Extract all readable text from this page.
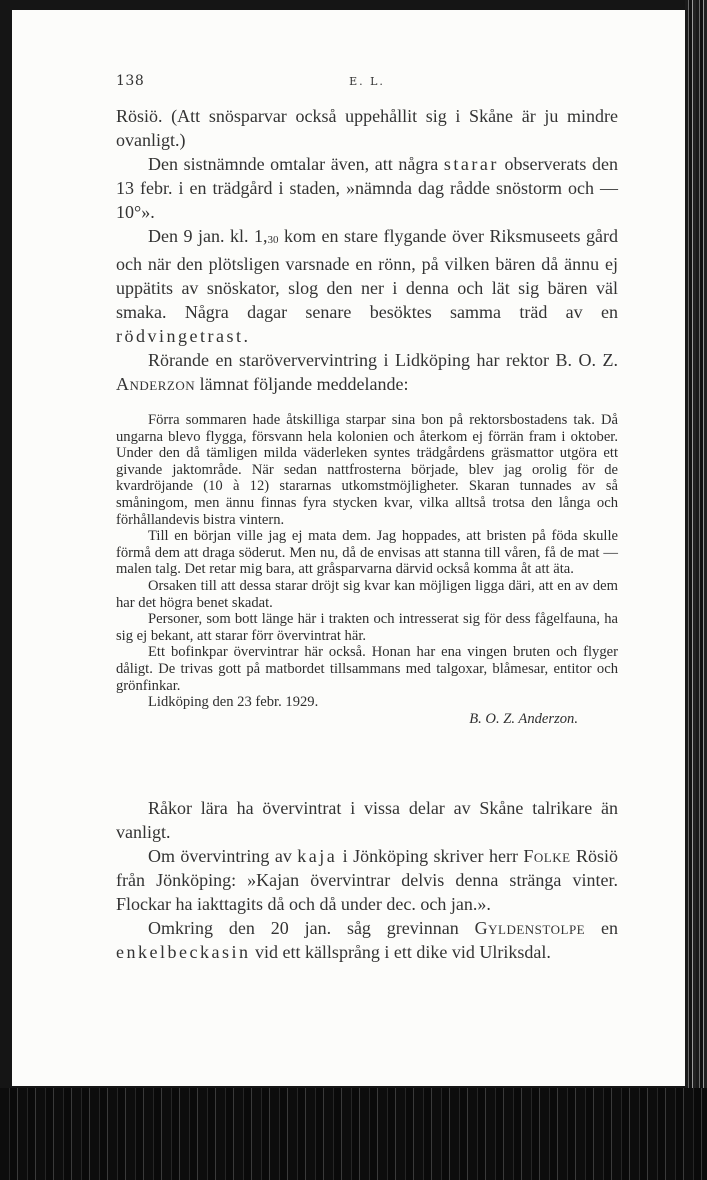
138	E. L.

Rösiö. (Att snösparvar också uppehållit sig i Skåne är ju mindre ovanligt.)

Den sistnämnde omtalar även, att några starar observerats den 13 febr. i en trädgård i staden, »nämnda dag rådde snöstorm och — 10°».

Den 9 jan. kl. 1,30 kom en stare flygande över Riksmuseets gård och när den plötsligen varsnade en rönn, på vilken bären då ännu ej uppätits av snöskator, slog den ner i denna och lät sig bären väl smaka. Några dagar senare besöktes samma träd av en rödvingetrast.

Rörande en staröververvintring i Lidköping har rektor B. O. Z. Anderzon lämnat följande meddelande:

Förra sommaren hade åtskilliga starpar sina bon på rektorsbostadens tak. Då ungarna blevo flygga, försvann hela kolonien och återkom ej förrän fram i oktober. Under den då tämligen milda väderleken syntes trädgårdens gräsmattor utgöra ett givande jaktområde. När sedan nattfrosterna började, blev jag orolig för de kvardröjande (10 à 12) stararnas utkomstmöjligheter. Skaran tunnades av så småningom, men ännu finnas fyra stycken kvar, vilka alltså trotsa den långa och förhållandevis bistra vintern.

Till en början ville jag ej mata dem. Jag hoppades, att bristen på föda skulle förmå dem att draga söderut. Men nu, då de envisas att stanna till våren, få de mat — malen talg. Det retar mig bara, att gråsparvarna därvid också komma åt att äta.

Orsaken till att dessa starar dröjt sig kvar kan möjligen ligga däri, att en av dem har det högra benet skadat.

Personer, som bott länge här i trakten och intresserat sig för dess fågelfauna, ha sig ej bekant, att starar förr övervintrat här.

Ett bofinkpar övervintrar här också. Honan har ena vingen bruten och flyger dåligt. De trivas gott på matbordet tillsammans med talgoxar, blåmesar, entitor och grönfinkar.

Lidköping den 23 febr. 1929.

B. O. Z. Anderzon.

Råkor lära ha övervintrat i vissa delar av Skåne talrikare än vanligt.

Om övervintring av kaja i Jönköping skriver herr Folke Rösiö från Jönköping: »Kajan övervintrar delvis denna stränga vinter. Flockar ha iakttagits då och då under dec. och jan.».

Omkring den 20 jan. såg grevinnan Gyldenstolpe en enkelbeckasin vid ett källsprång i ett dike vid Ulriksdal.
